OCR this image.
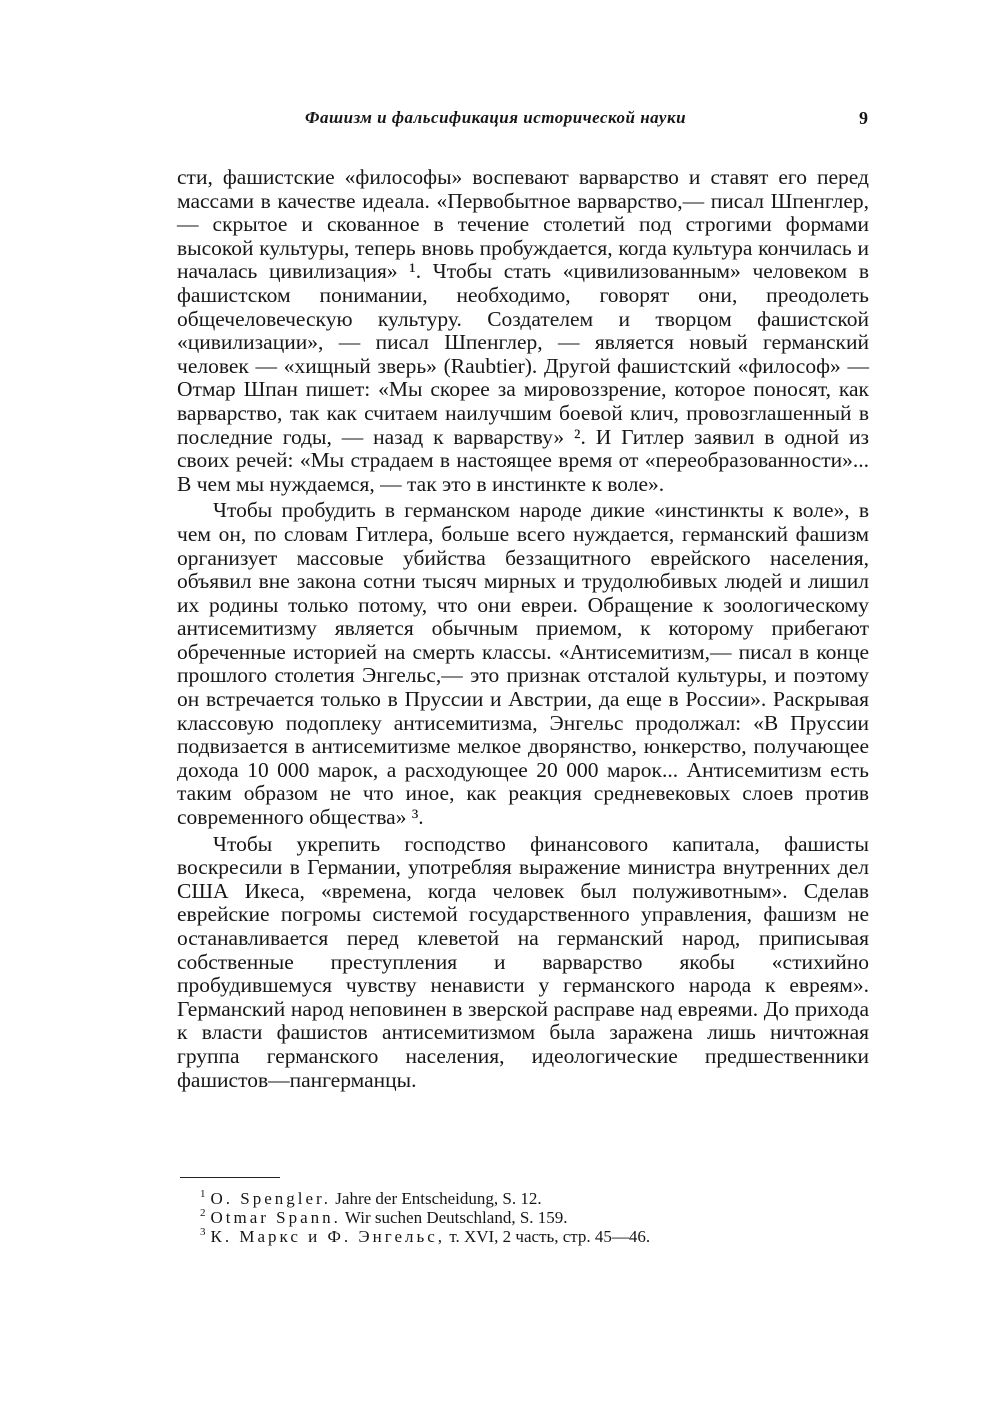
Фашизм и фальсификация исторической науки	9

сти, фашистские «философы» воспевают варварство и ставят его перед массами в качестве идеала. «Первобытное варварство,— писал Шпенглер, — скрытое и скованное в течение столетий под строгими формами высокой культуры, теперь вновь пробуждается, когда культура кончилась и началась цивилизация» ¹. Чтобы стать «цивилизованным» человеком в фашистском понимании, необходимо, говорят они, преодолеть общечеловеческую культуру. Создателем и творцом фашистской «цивилизации», — писал Шпенглер, — является новый германский человек — «хищный зверь» (Raubtier). Другой фашистский «философ» — Отмар Шпан пишет: «Мы скорее за мировоззрение, которое поносят, как варварство, так как считаем наилучшим боевой клич, провозглашенный в последние годы, — назад к варварству» ². И Гитлер заявил в одной из своих речей: «Мы страдаем в настоящее время от «переобразованности»... В чем мы нуждаемся, — так это в инстинкте к воле».

Чтобы пробудить в германском народе дикие «инстинкты к воле», в чем он, по словам Гитлера, больше всего нуждается, германский фашизм организует массовые убийства беззащитного еврейского населения, объявил вне закона сотни тысяч мирных и трудолюбивых людей и лишил их родины только потому, что они евреи. Обращение к зоологическому антисемитизму является обычным приемом, к которому прибегают обреченные историей на смерть классы. «Антисемитизм,— писал в конце прошлого столетия Энгельс,— это признак отсталой культуры, и поэтому он встречается только в Пруссии и Австрии, да еще в России». Раскрывая классовую подоплеку антисемитизма, Энгельс продолжал: «В Пруссии подвизается в антисемитизме мелкое дворянство, юнкерство, получающее дохода 10 000 марок, а расходующее 20 000 марок... Антисемитизм есть таким образом не что иное, как реакция средневековых слоев против современного общества» ³.

Чтобы укрепить господство финансового капитала, фашисты воскресили в Германии, употребляя выражение министра внутренних дел США Икеса, «времена, когда человек был полуживотным». Сделав еврейские погромы системой государственного управления, фашизм не останавливается перед клеветой на германский народ, приписывая собственные преступления и варварство якобы «стихийно пробудившемуся чувству ненависти у германского народа к евреям». Германский народ неповинен в зверской расправе над евреями. До прихода к власти фашистов антисемитизмом была заражена лишь ничтожная группа германского населения, идеологические предшественники фашистов—пангерманцы.

$^1$ O. Spengler. Jahre der Entscheidung, S. 12.
$^2$ Otmar Spann. Wir suchen Deutschland, S. 159.
$^3$ К. Маркс и Ф. Энгельс, т. XVI, 2 часть, стр. 45—46.
